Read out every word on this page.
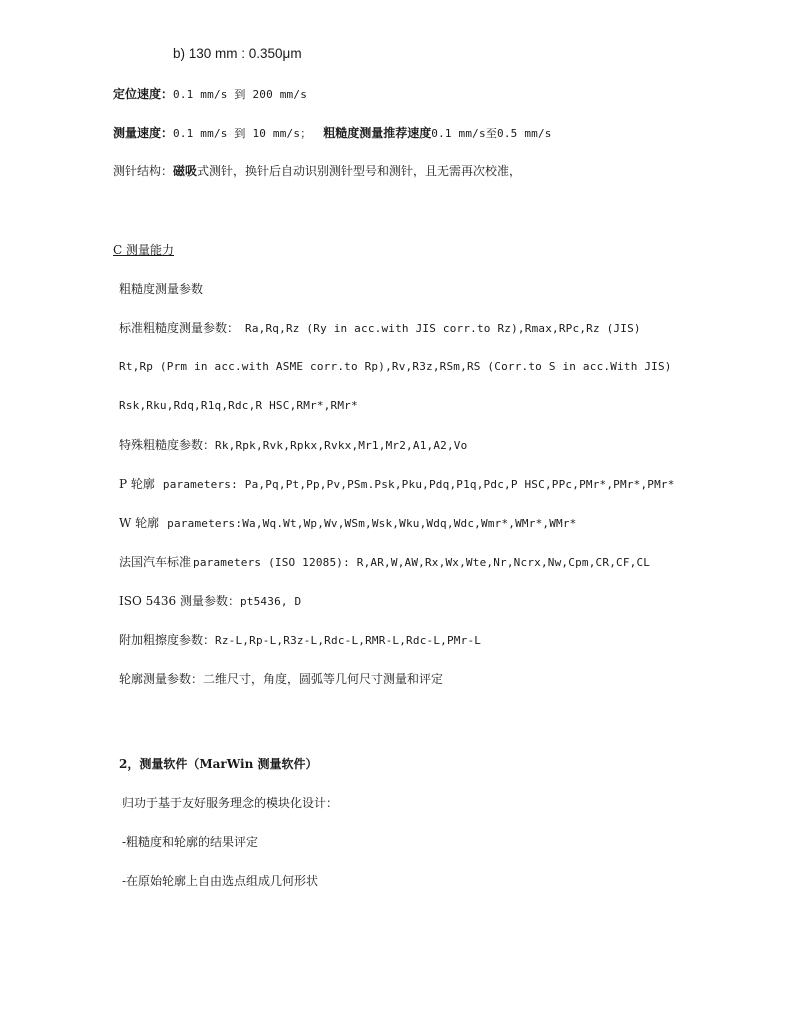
b) 130 mm : 0.350μm
定位速度：0.1 mm/s 到 200 mm/s
测量速度：0.1 mm/s 到 10 mm/s； 粗糙度测量推荐速度0.1 mm/s至0.5 mm/s
测针结构：磁吸式测针，换针后自动识别测针型号和测针，且无需再次校准，
C 测量能力
粗糙度测量参数
标准粗糙度测量参数： Ra,Rq,Rz (Ry in acc.with JIS corr.to Rz),Rmax,RPc,Rz (JIS)
Rt,Rp (Prm in acc.with ASME corr.to Rp),Rv,R3z,RSm,RS (Corr.to S in acc.With JIS)
Rsk,Rku,Rdq,R1q,Rdc,R HSC,RMr*,RMr*
特殊粗糙度参数：Rk,Rpk,Rvk,Rpkx,Rvkx,Mr1,Mr2,A1,A2,Vo
P 轮廓 parameters: Pa,Pq,Pt,Pp,Pv,PSm.Psk,Pku,Pdq,P1q,Pdc,P HSC,PPc,PMr*,PMr*,PMr*
W 轮廓 parameters:Wa,Wq.Wt,Wp,Wv,WSm,Wsk,Wku,Wdq,Wdc,Wmr*,WMr*,WMr*
法国汽车标准 parameters (ISO 12085): R,AR,W,AW,Rx,Wx,Wte,Nr,Ncrx,Nw,Cpm,CR,CF,CL
ISO 5436 测量参数：pt5436, D
附加粗擦度参数：Rz-L,Rp-L,R3z-L,Rdc-L,RMR-L,Rdc-L,PMr-L
轮廓测量参数：二维尺寸，角度，圆弧等几何尺寸测量和评定
2，测量软件（MarWin 测量软件）
归功于基于友好服务理念的模块化设计：
-粗糙度和轮廓的结果评定
-在原始轮廓上自由选点组成几何形状
